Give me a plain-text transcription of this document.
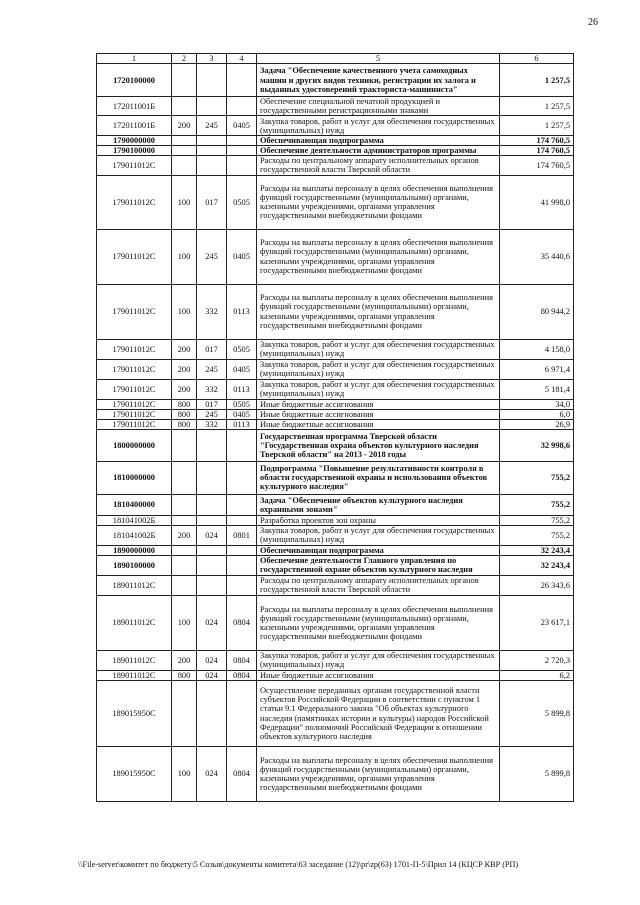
26
1	2	3	4	5	6
1720100000				Задача "Обеспечение качественного учета самоходных машин и других видов техники, регистрации их залога и выданных удостоверений тракториста-машиниста"	1 257,5
172011001Б				Обеспечение специальной печатной продукцией и государственными регистрационными знаками	1 257,5
172011001Б	200	245	0405	Закупка товаров, работ и услуг для обеспечения государственных (муниципальных) нужд	1 257,5
1790000000				Обеспечивающая подпрограмма	174 760,5
1790100000				Обеспечение деятельности администраторов программы	174 760,5
179011012С				Расходы по центральному аппарату исполнительных органов государственной власти Тверской области	174 760,5
179011012С	100	017	0505	Расходы на выплаты персоналу в целях обеспечения выполнения функций государственными (муниципальными) органами, казенными учреждениями, органами управления государственными внебюджетными фондами	41 998,0
179011012С	100	245	0405	Расходы на выплаты персоналу в целях обеспечения выполнения функций государственными (муниципальными) органами, казенными учреждениями, органами управления государственными внебюджетными фондами	35 440,6
179011012С	100	332	0113	Расходы на выплаты персоналу в целях обеспечения выполнения функций государственными (муниципальными) органами, казенными учреждениями, органами управления государственными внебюджетными фондами	80 944,2
179011012С	200	017	0505	Закупка товаров, работ и услуг для обеспечения государственных (муниципальных) нужд	4 158,0
179011012С	200	245	0405	Закупка товаров, работ и услуг для обеспечения государственных (муниципальных) нужд	6 971,4
179011012С	200	332	0113	Закупка товаров, работ и услуг для обеспечения государственных (муниципальных) нужд	5 181,4
179011012С	800	017	0505	Иные бюджетные ассигнования	34,0
179011012С	800	245	0405	Иные бюджетные ассигнования	6,0
179011012С	800	332	0113	Иные бюджетные ассигнования	26,9
1800000000				Государственная программа Тверской области "Государственная охрана объектов культурного наследия Тверской области" на 2013 - 2018 годы	32 998,6
1810000000				Подпрограмма "Повышение результативности контроля в области государственной охраны и использования объектов культурного наследия"	755,2
1810400000				Задача "Обеспечение объектов культурного наследия охранными зонами"	755,2
181041002Б				Разработка проектов зон охраны	755,2
181041002Б	200	024	0801	Закупка товаров, работ и услуг для обеспечения государственных (муниципальных) нужд	755,2
1890000000				Обеспечивающая подпрограмма	32 243,4
1890100000				Обеспечение деятельности Главного управления по государственной охране объектов культурного наследия	32 243,4
189011012С				Расходы по центральному аппарату исполнительных органов государственной власти Тверской области	26 343,6
189011012С	100	024	0804	Расходы на выплаты персоналу в целях обеспечения выполнения функций государственными (муниципальными) органами, казенными учреждениями, органами управления государственными внебюджетными фондами	23 617,1
189011012С	200	024	0804	Закупка товаров, работ и услуг для обеспечения государственных (муниципальных) нужд	2 720,3
189011012С	800	024	0804	Иные бюджетные ассигнования	6,2
189015950С				Осуществление переданных органам государственной власти субъектов Российской Федерации в соответствии с пунктом 1 статьи 9.1 Федерального закона "Об объектах культурного наследия (памятниках истории и культуры) народов Российской Федерации" полномочий Российской Федерации в отношении объектов культурного наследия	5 899,8
189015950С	100	024	0804	Расходы на выплаты персоналу в целях обеспечения выполнения функций государственными (муниципальными) органами, казенными учреждениями, органами управления государственными внебюджетными фондами	5 899,8
\\File-server\комитет по бюджету\5 Созыв\документы комитета\63 заседание (12)\pr\zp(63) 1701-П-5\Прил 14 (КЦСР КВР (РП)
